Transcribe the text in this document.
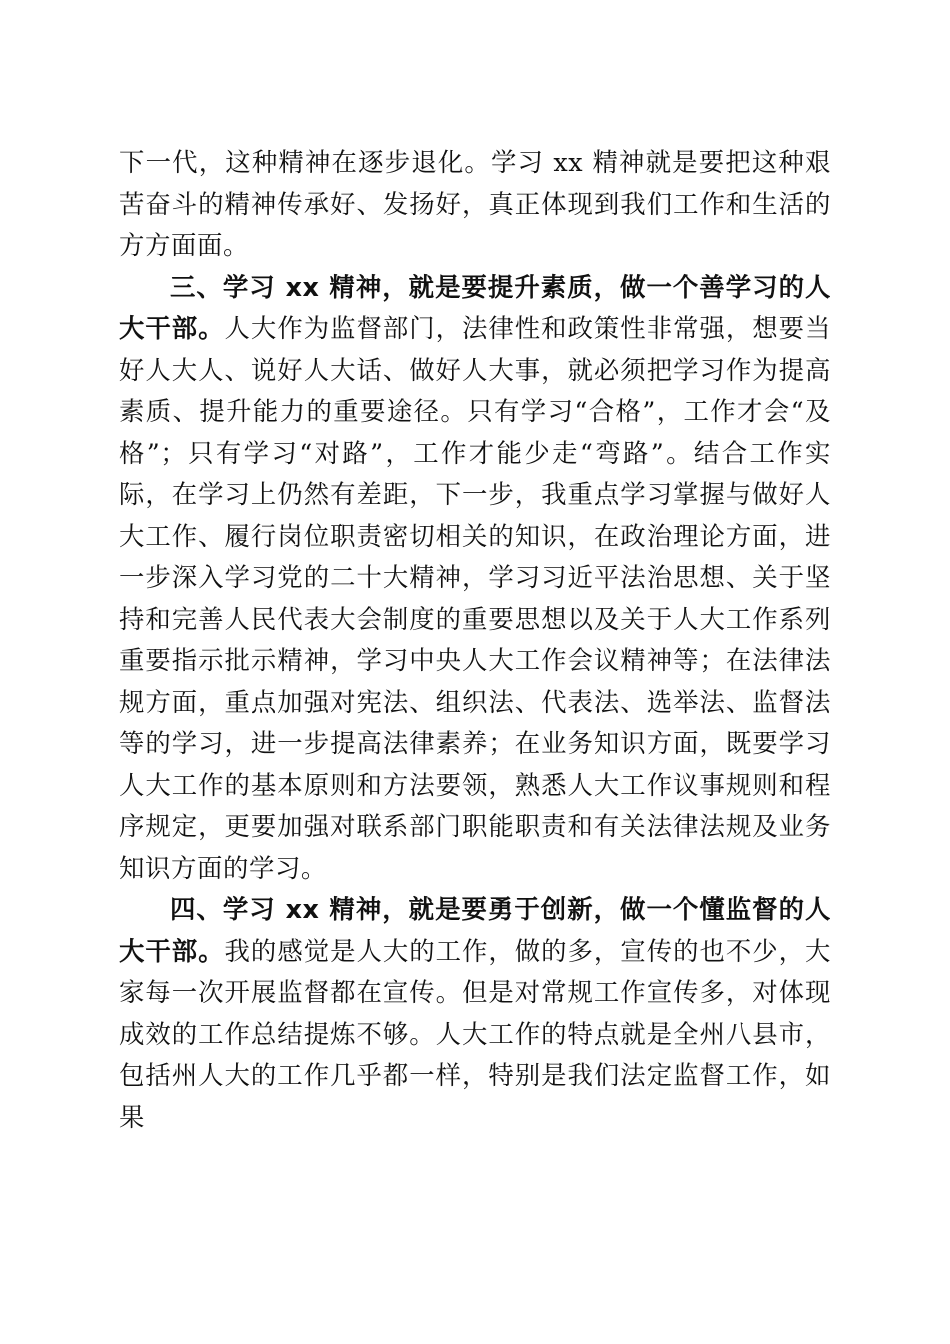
下一代，这种精神在逐步退化。学习 xx 精神就是要把这种艰苦奋斗的精神传承好、发扬好，真正体现到我们工作和生活的方方面面。

三、学习 xx 精神，就是要提升素质，做一个善学习的人大干部。人大作为监督部门，法律性和政策性非常强，想要当好人大人、说好人大话、做好人大事，就必须把学习作为提高素质、提升能力的重要途径。只有学习“合格”，工作才会“及格”；只有学习“对路”，工作才能少走“弯路”。结合工作实际，在学习上仍然有差距，下一步，我重点学习掌握与做好人大工作、履行岗位职责密切相关的知识，在政治理论方面，进一步深入学习党的二十大精神，学习习近平法治思想、关于坚持和完善人民代表大会制度的重要思想以及关于人大工作系列重要指示批示精神，学习中央人大工作会议精神等；在法律法规方面，重点加强对宪法、组织法、代表法、选举法、监督法等的学习，进一步提高法律素养；在业务知识方面，既要学习人大工作的基本原则和方法要领，熟悉人大工作议事规则和程序规定，更要加强对联系部门职能职责和有关法律法规及业务知识方面的学习。

四、学习 xx 精神，就是要勇于创新，做一个懂监督的人大干部。我的感觉是人大的工作，做的多，宣传的也不少，大家每一次开展监督都在宣传。但是对常规工作宣传多，对体现成效的工作总结提炼不够。人大工作的特点就是全州八县市，包括州人大的工作几乎都一样，特别是我们法定监督工作，如果
